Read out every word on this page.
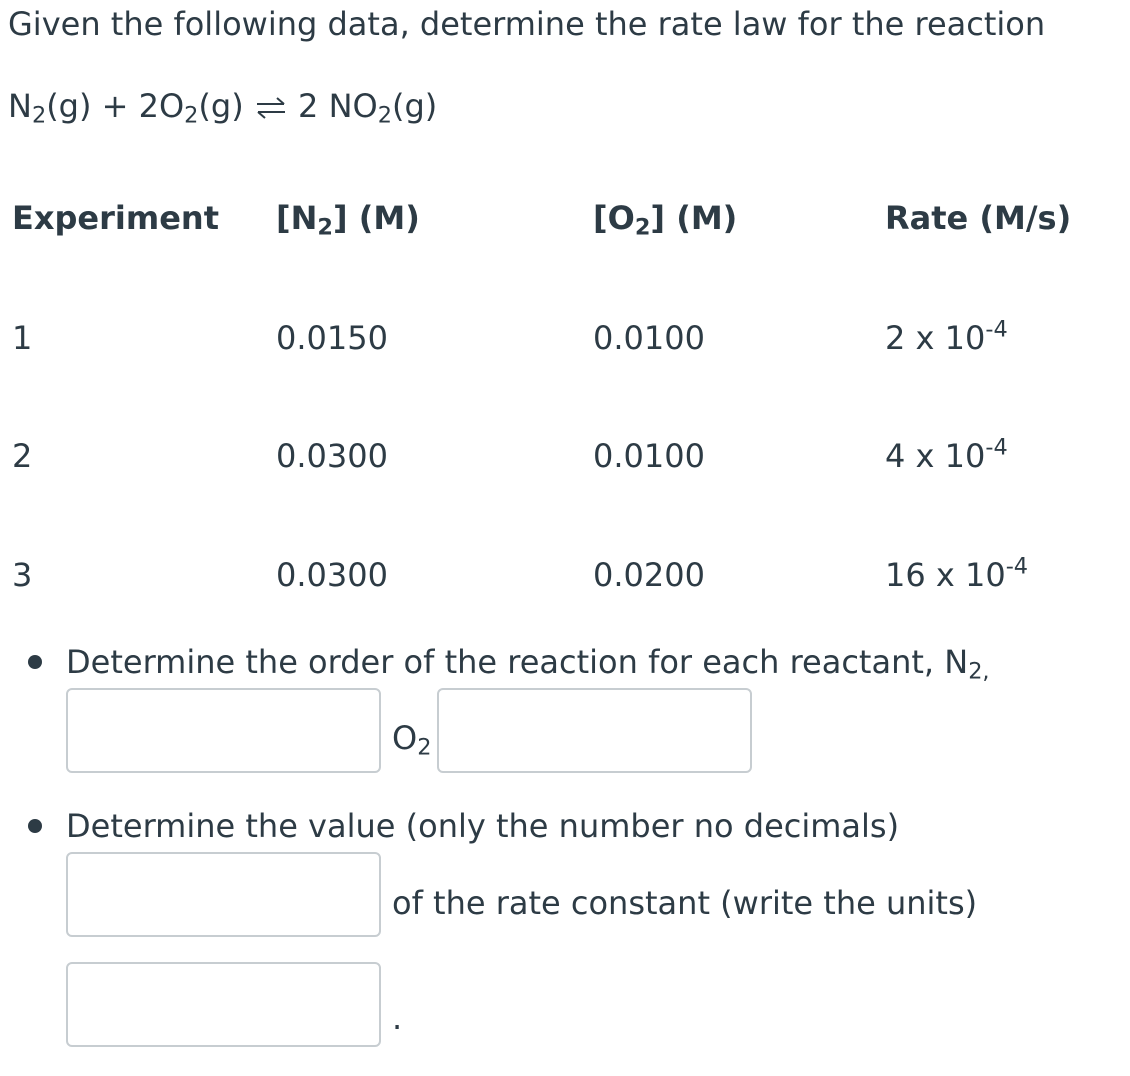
Given the following data, determine the rate law for the reaction
$N_2(g) + 2O_2(g)$ ⇌ 2 $NO_2(g)$
Experiment $[N_2]$ (M)	$[O_2]$ (M)	Rate (M/s)
1	0.0150	0.0100	2 x $10^{-4}$
2	0.0300	0.0100	4 x $10^{-4}$
3	0.0300	0.0200	16 x $10^{-4}$
Determine the order of the reaction for each reactant, $N_{2,}$
$O_2$
Determine the value (only the number no decimals)
of the rate constant (write the units)
.
